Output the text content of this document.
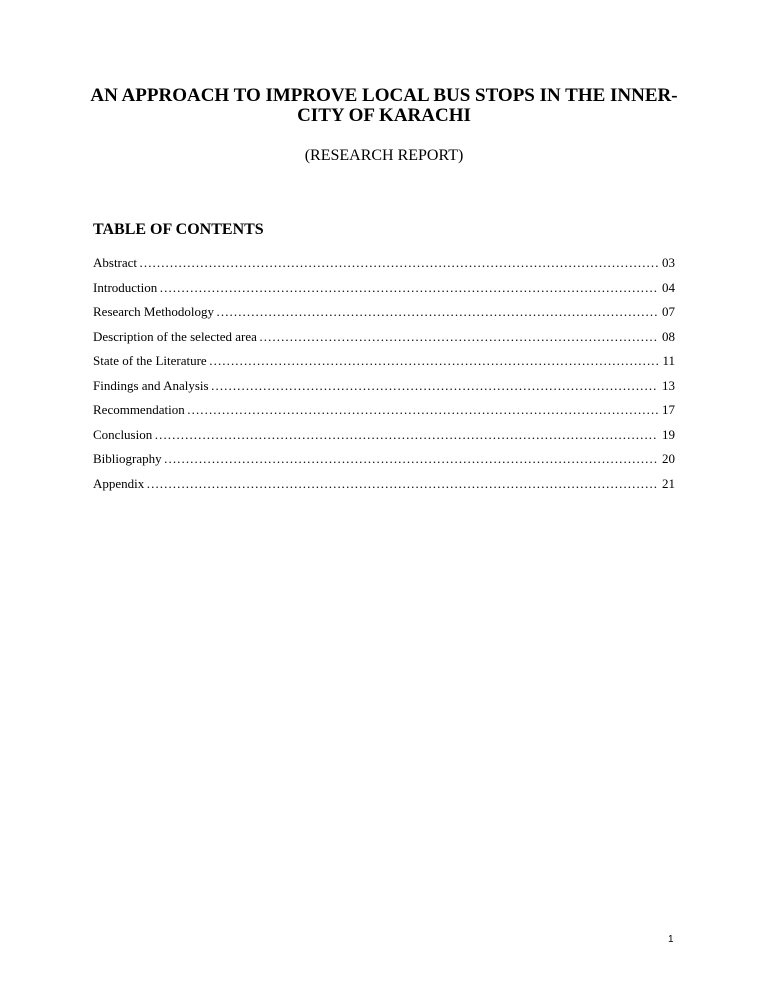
AN APPROACH TO IMPROVE LOCAL BUS STOPS IN THE INNER-CITY OF KARACHI
(RESEARCH REPORT)
TABLE OF CONTENTS
Abstract ……………………………………………………………………………………………………………………………………………………………………	03
Introduction ……………………………………………………………………………………………………………………………………………………………………	04
Research Methodology ……………………………………………………………………………………………………………………………………………………………………	07
Description of the selected area ……………………………………………………………………………………………………………………………………………………………………	08
State of the Literature ……………………………………………………………………………………………………………………………………………………………………	11
Findings and Analysis ……………………………………………………………………………………………………………………………………………………………………	13
Recommendation ……………………………………………………………………………………………………………………………………………………………………	17
Conclusion ……………………………………………………………………………………………………………………………………………………………………	19
Bibliography ……………………………………………………………………………………………………………………………………………………………………	20
Appendix ……………………………………………………………………………………………………………………………………………………………………	21
1
